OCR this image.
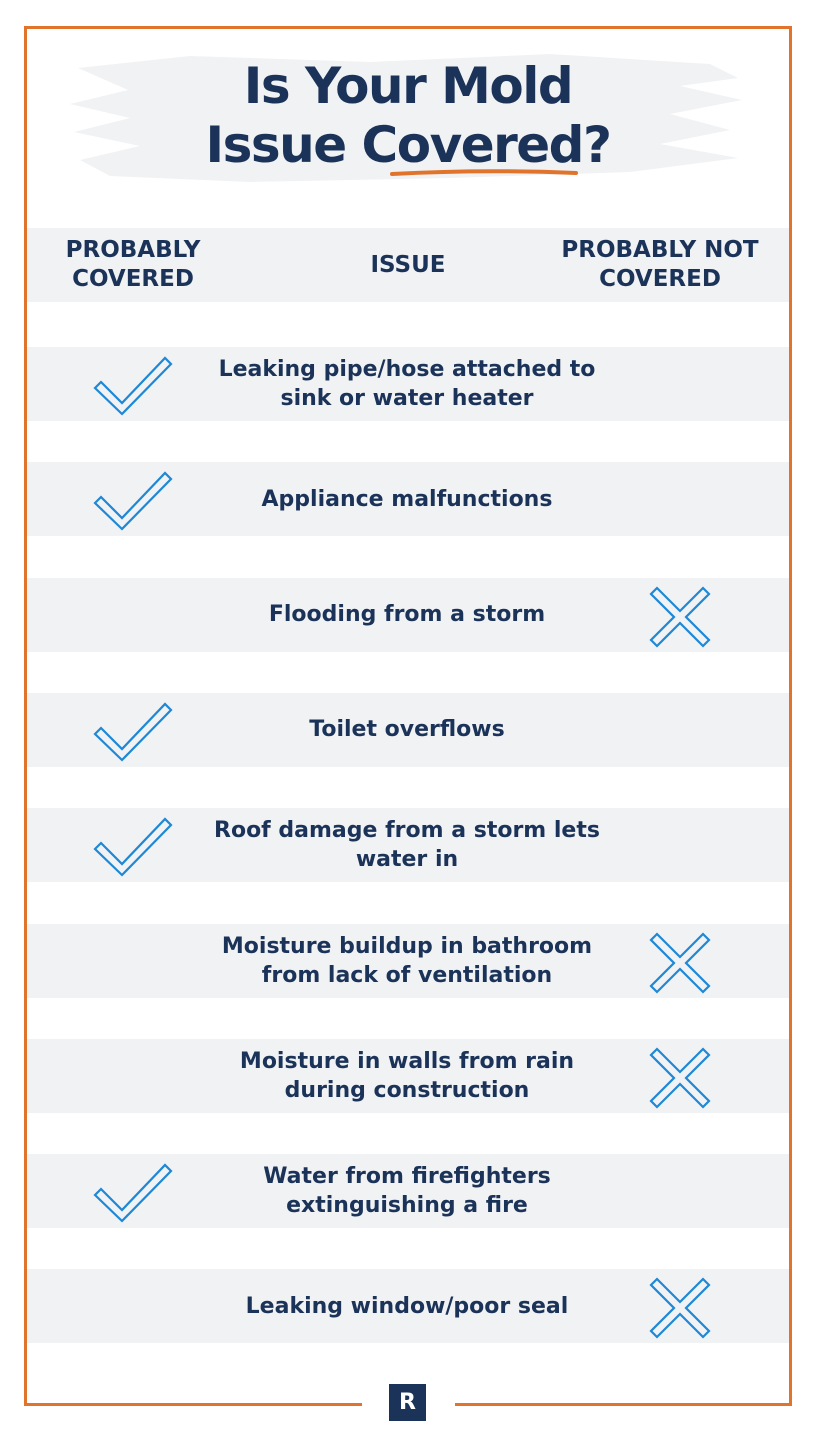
R
Is Your Mold
Issue Covered?
PROBABLY COVERED
ISSUE
PROBABLY NOT COVERED
Leaking pipe/hose attached to sink or water heater
Appliance malfunctions
Flooding from a storm
Toilet overflows
Roof damage from a storm lets water in
Moisture buildup in bathroom from lack of ventilation
Moisture in walls from rain during construction
Water from firefighters extinguishing a fire
Leaking window/poor seal
